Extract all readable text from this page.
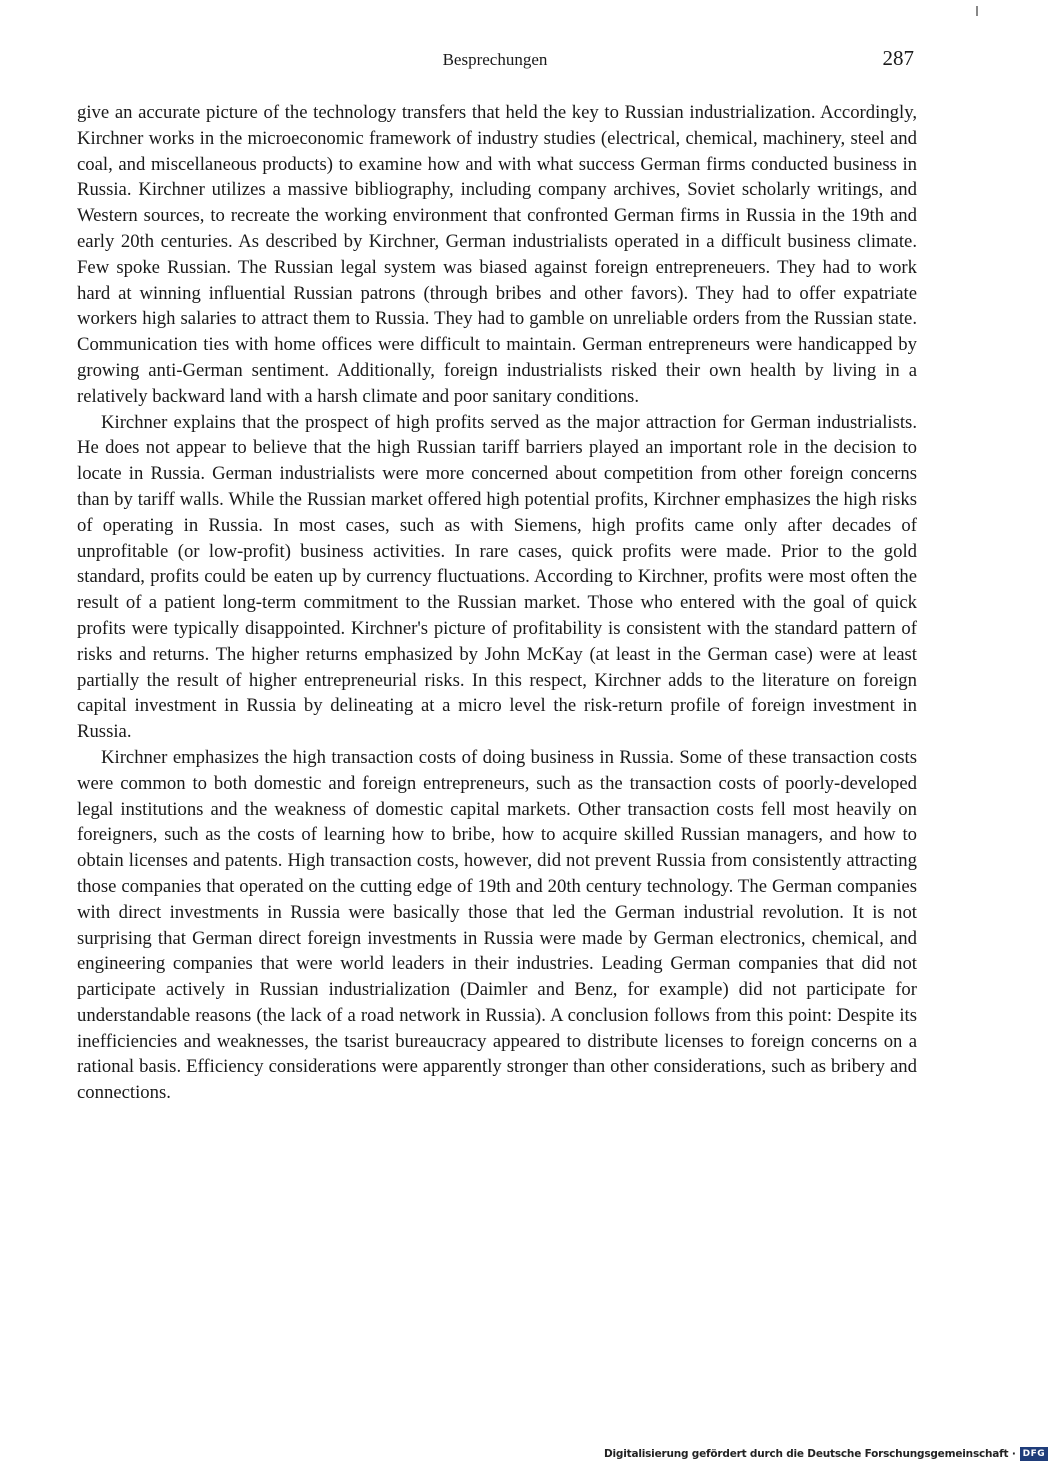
Besprechungen	287

give an accurate picture of the technology transfers that held the key to Russian industrialization. Accordingly, Kirchner works in the microeconomic framework of industry studies (electrical, chemical, machinery, steel and coal, and miscellaneous products) to examine how and with what success German firms conducted business in Russia. Kirchner utilizes a massive bibliography, including company archives, Soviet scholarly writings, and Western sources, to recreate the working environment that confronted German firms in Russia in the 19th and early 20th centuries. As described by Kirchner, German industrialists operated in a difficult business climate. Few spoke Russian. The Russian legal system was biased against foreign entrepreneuers. They had to work hard at winning influential Russian patrons (through bribes and other favors). They had to offer expatriate workers high salaries to attract them to Russia. They had to gamble on unreliable orders from the Russian state. Communication ties with home offices were difficult to maintain. German entrepreneurs were handicapped by growing anti-German sentiment. Additionally, foreign industrialists risked their own health by living in a relatively backward land with a harsh climate and poor sanitary conditions.

Kirchner explains that the prospect of high profits served as the major attraction for German industrialists. He does not appear to believe that the high Russian tariff barriers played an important role in the decision to locate in Russia. German industrialists were more concerned about competition from other foreign concerns than by tariff walls. While the Russian market offered high potential profits, Kirchner emphasizes the high risks of operating in Russia. In most cases, such as with Siemens, high profits came only after decades of unprofitable (or low-profit) business activities. In rare cases, quick profits were made. Prior to the gold standard, profits could be eaten up by currency fluctuations. According to Kirchner, profits were most often the result of a patient long-term commitment to the Russian market. Those who entered with the goal of quick profits were typically disappointed. Kirchner's picture of profitability is consistent with the standard pattern of risks and returns. The higher returns emphasized by John McKay (at least in the German case) were at least partially the result of higher entrepreneurial risks. In this respect, Kirchner adds to the literature on foreign capital investment in Russia by delineating at a micro level the risk-return profile of foreign investment in Russia.

Kirchner emphasizes the high transaction costs of doing business in Russia. Some of these transaction costs were common to both domestic and foreign entrepreneurs, such as the transaction costs of poorly-developed legal institutions and the weakness of domestic capital markets. Other transaction costs fell most heavily on foreigners, such as the costs of learning how to bribe, how to acquire skilled Russian managers, and how to obtain licenses and patents. High transaction costs, however, did not prevent Russia from consistently attracting those companies that operated on the cutting edge of 19th and 20th century technology. The German companies with direct investments in Russia were basically those that led the German industrial revolution. It is not surprising that German direct foreign investments in Russia were made by German electronics, chemical, and engineering companies that were world leaders in their industries. Leading German companies that did not participate actively in Russian industrialization (Daimler and Benz, for example) did not participate for understandable reasons (the lack of a road network in Russia). A conclusion follows from this point: Despite its inefficiencies and weaknesses, the tsarist bureaucracy appeared to distribute licenses to foreign concerns on a rational basis. Efficiency considerations were apparently stronger than other considerations, such as bribery and connections.

Digitalisierung gefördert durch die Deutsche Forschungsgemeinschaft · DFG
